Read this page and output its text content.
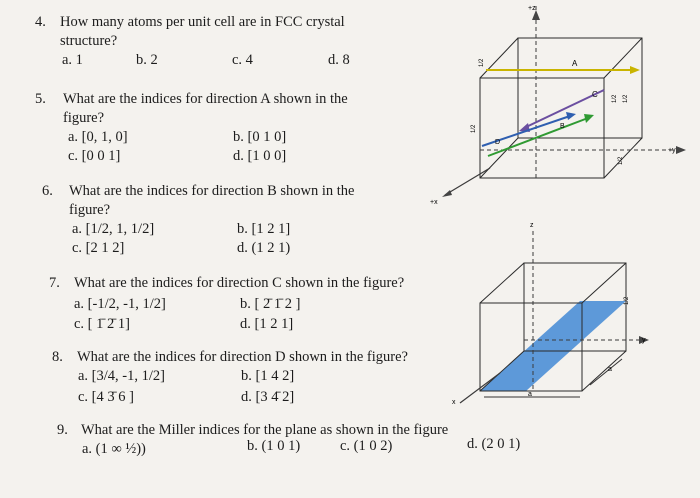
4. How many atoms per unit cell are in FCC crystal
structure?
a. 1	b. 2	c. 4	d. 8
5. What are the indices for direction A shown in the
figure?
a. [0, 1, 0]	b. [0 1 0]
c. [0 0 1]	d. [1 0 0]
6. What are the indices for direction B shown in the
figure?
a. [1/2, 1, 1/2]	b. [1 2 1]
c. [2 1 2]	d. (1 2 1)
7. What are the indices for direction C shown in the figure?
a. [-1/2, -1, 1/2]	b. [ 2̄ 1̄ 2 ]
c. [ 1̄ 2̄ 1]	d. [1 2 1]
8. What are the indices for direction D shown in the figure?
a. [3/4, -1, 1/2]	b. [1 4 2]
c. [4 3̄ 6 ]	d. [3 4̄ 2]
9. What are the Miller indices for the plane as shown in the figure
a. (1 ∞ ½))	b. (1 0 1)	c. (1 0 2)	d. (2 0 1)
+z
+y
+x
A
B
C
D
1/2
1/2
1/2
1/2 1/2
z
y
x
1/2
a
a
